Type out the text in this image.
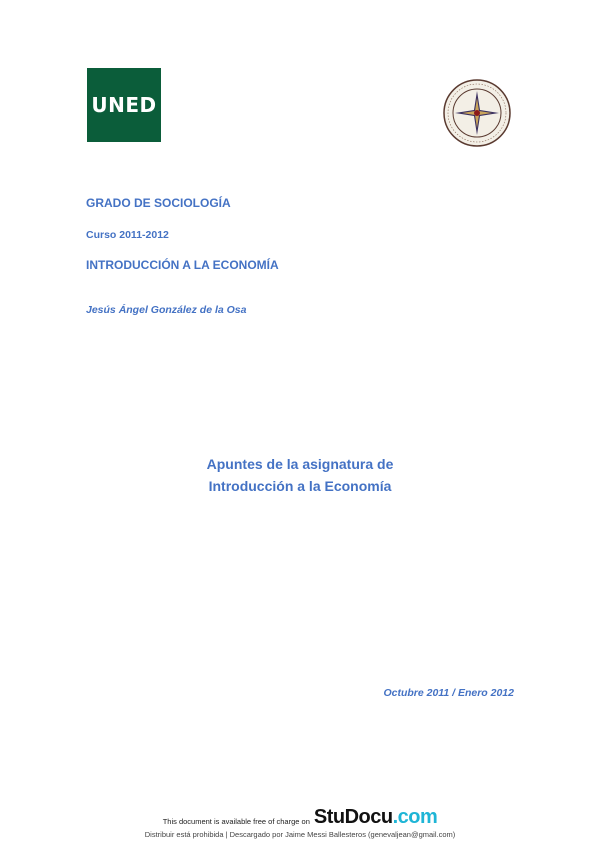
UNED
GRADO DE SOCIOLOGÍA
Curso 2011-2012
INTRODUCCIÓN A LA ECONOMÍA
Jesús Ángel González de la Osa
Apuntes de la asignatura de
Introducción a la Economía
Octubre 2011 / Enero 2012
This document is available free of charge on StuDocu.com
Distribuir está prohibida | Descargado por Jaime Messi Ballesteros (genevaljean@gmail.com)
